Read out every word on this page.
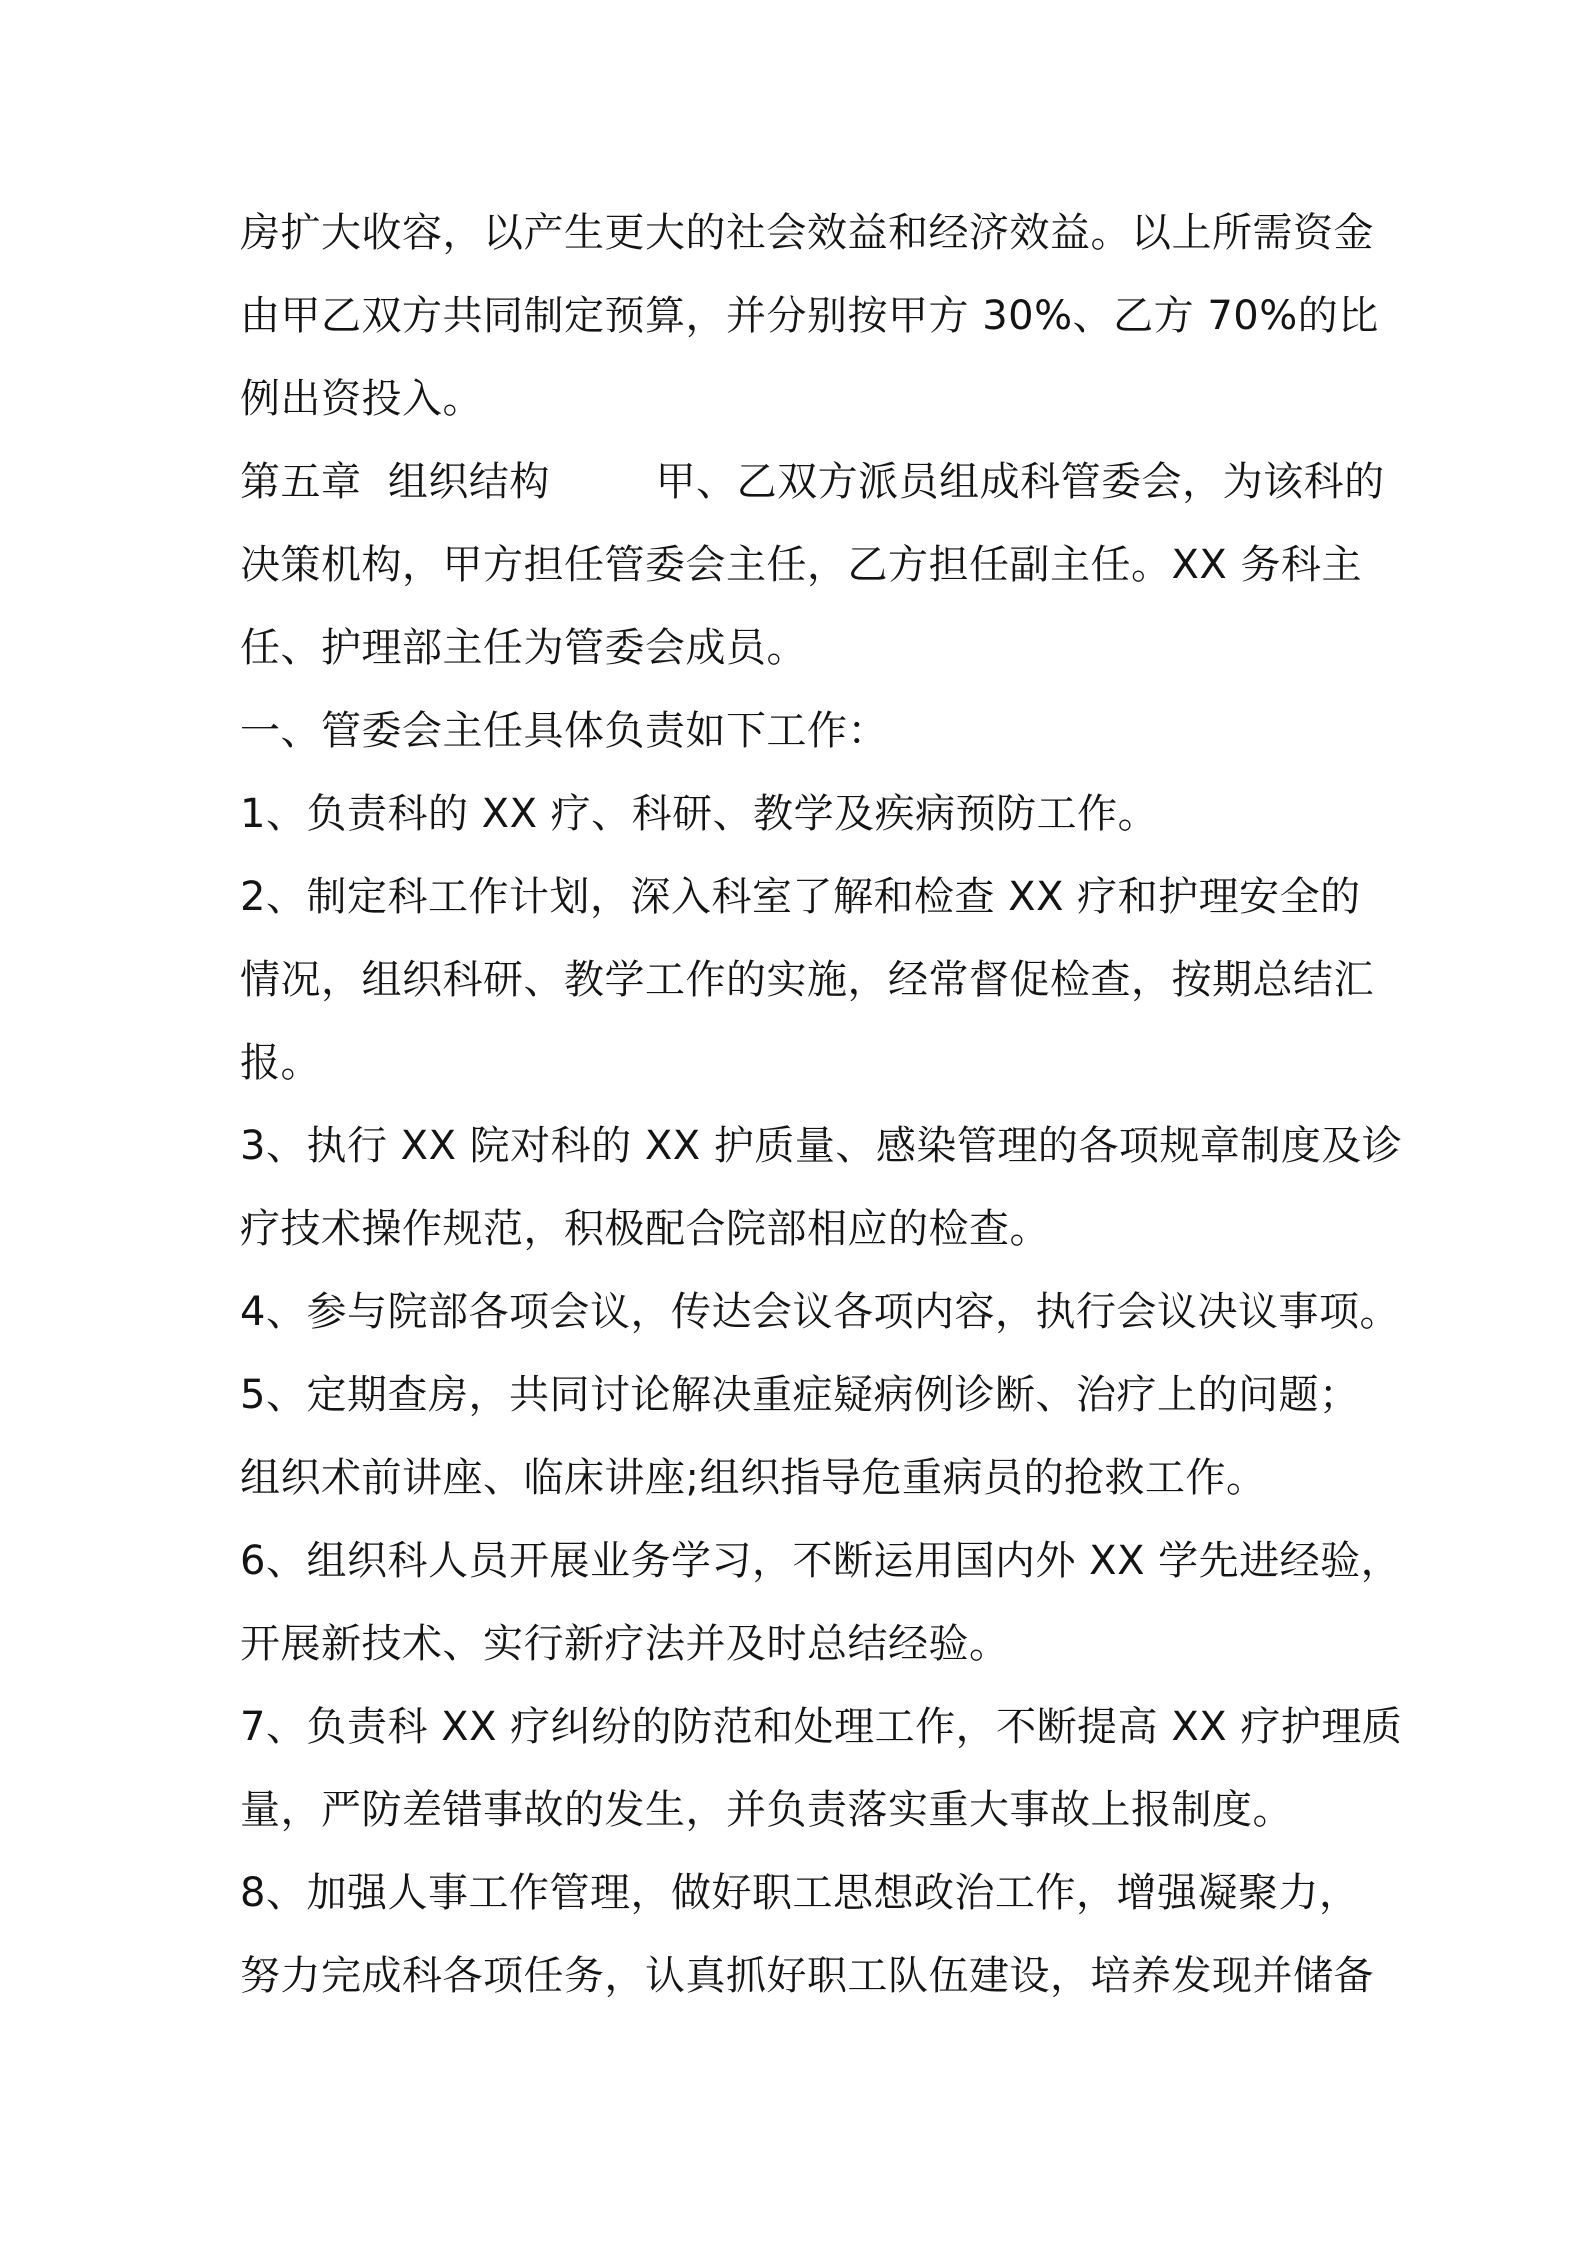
房扩大收容，以产生更大的社会效益和经济效益。以上所需资金
由甲乙双方共同制定预算，并分别按甲方 30%、乙方 70%的比
例出资投入。
第五章  组织结构        甲、乙双方派员组成科管委会，为该科的
决策机构，甲方担任管委会主任，乙方担任副主任。XX 务科主
任、护理部主任为管委会成员。
一、管委会主任具体负责如下工作：
1、负责科的 XX 疗、科研、教学及疾病预防工作。
2、制定科工作计划，深入科室了解和检查 XX 疗和护理安全的
情况，组织科研、教学工作的实施，经常督促检查，按期总结汇
报。
3、执行 XX 院对科的 XX 护质量、感染管理的各项规章制度及诊
疗技术操作规范，积极配合院部相应的检查。
4、参与院部各项会议，传达会议各项内容，执行会议决议事项。
5、定期查房，共同讨论解决重症疑病例诊断、治疗上的问题；
组织术前讲座、临床讲座;组织指导危重病员的抢救工作。
6、组织科人员开展业务学习，不断运用国内外 XX 学先进经验，
开展新技术、实行新疗法并及时总结经验。
7、负责科 XX 疗纠纷的防范和处理工作，不断提高 XX 疗护理质
量，严防差错事故的发生，并负责落实重大事故上报制度。
8、加强人事工作管理，做好职工思想政治工作，增强凝聚力，
努力完成科各项任务，认真抓好职工队伍建设，培养发现并储备
